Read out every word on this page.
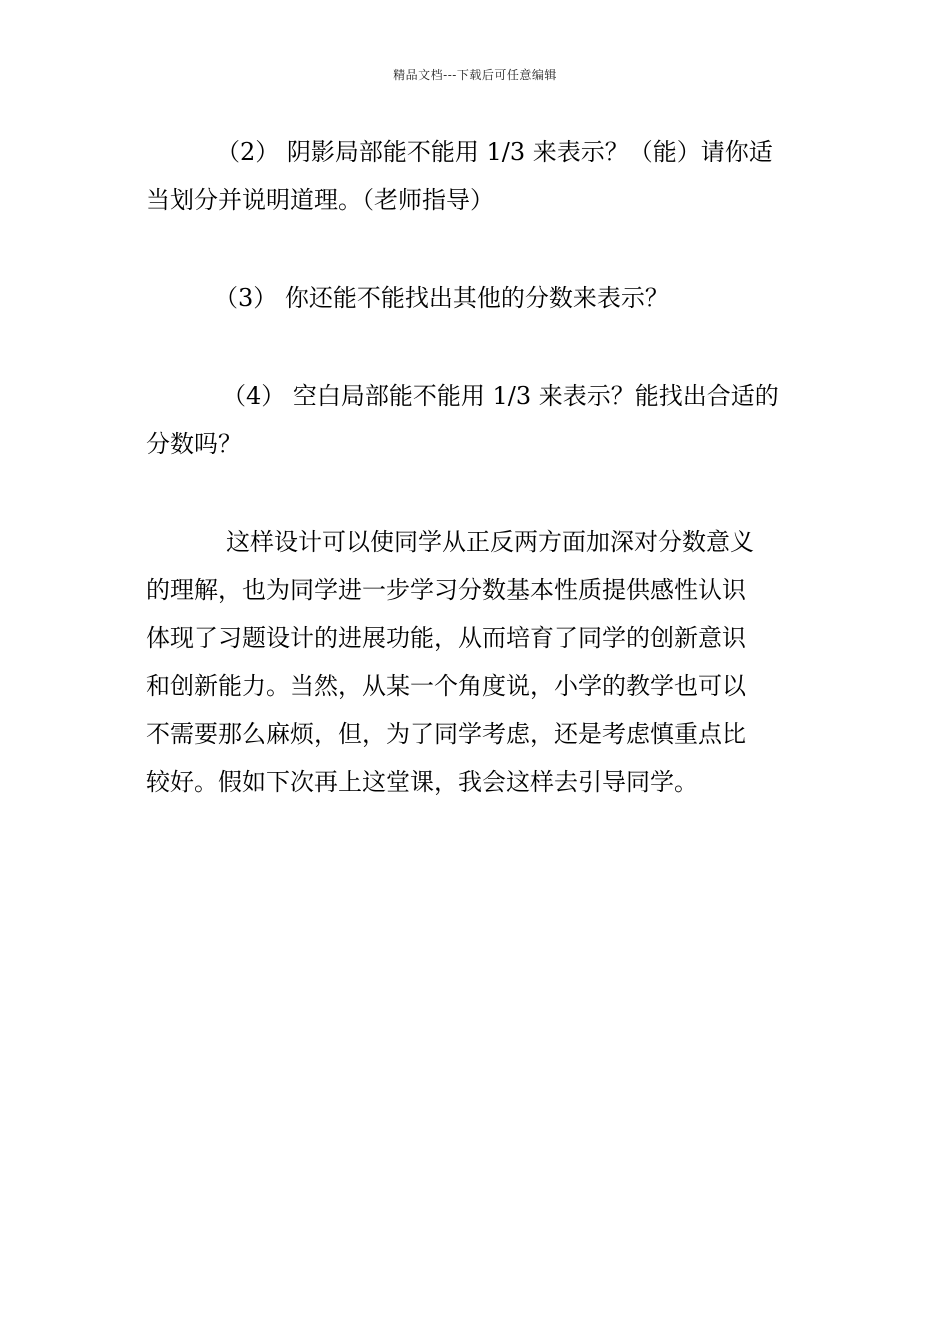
精品文档---下载后可任意编辑

（2） 阴影局部能不能用 1/3 来表示？（能）请你适
当划分并说明道理。（老师指导）

（3） 你还能不能找出其他的分数来表示？

（4） 空白局部能不能用 1/3 来表示？能找出合适的
分数吗？

这样设计可以使同学从正反两方面加深对分数意义
的理解，也为同学进一步学习分数基本性质提供感性认识
体现了习题设计的进展功能，从而培育了同学的创新意识
和创新能力。当然，从某一个角度说，小学的教学也可以
不需要那么麻烦，但，为了同学考虑，还是考虑慎重点比
较好。假如下次再上这堂课，我会这样去引导同学。
